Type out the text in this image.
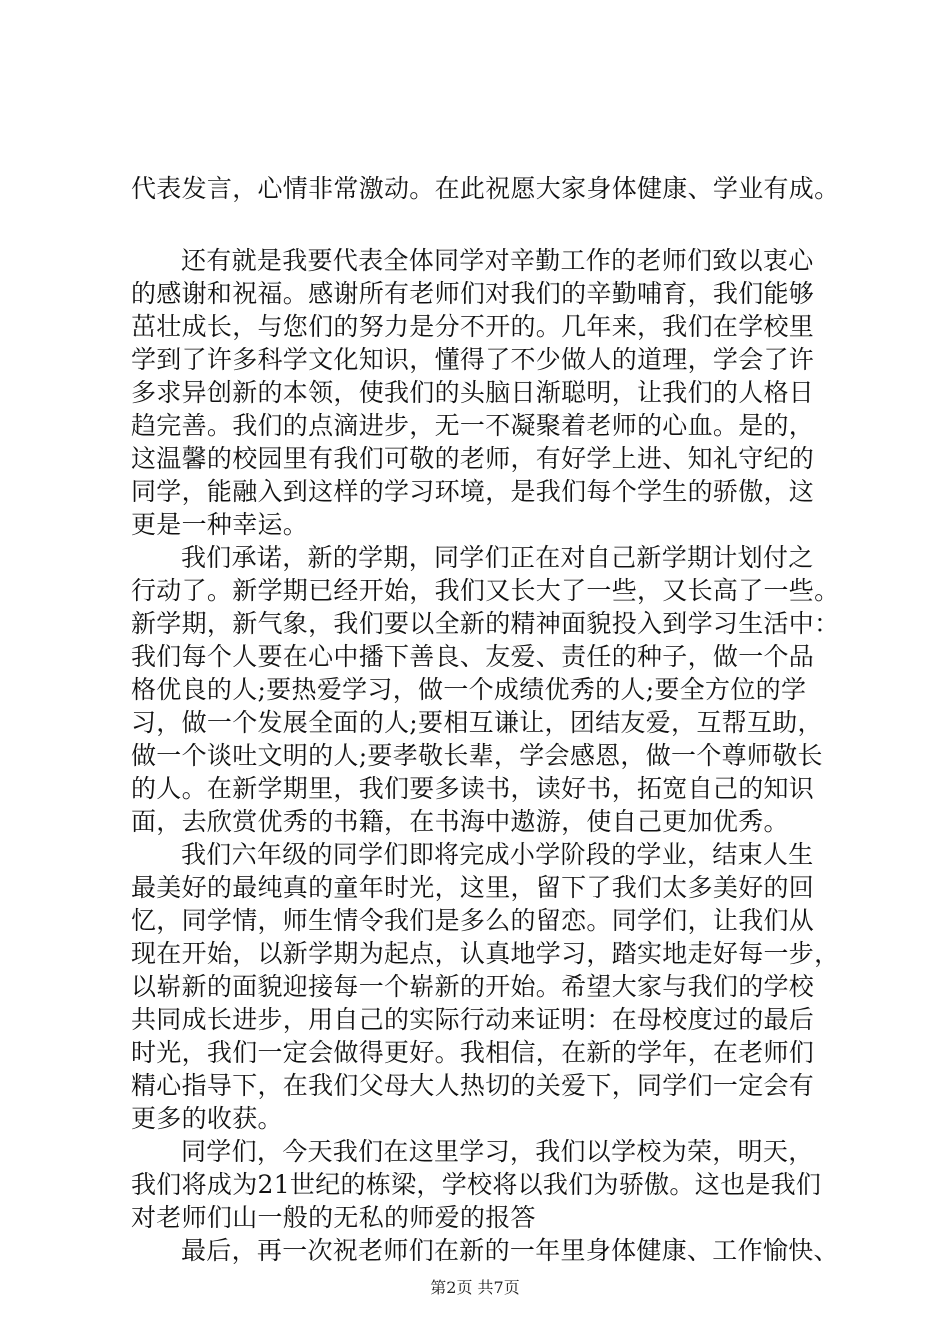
代表发言，心情非常激动。在此祝愿大家身体健康、学业有成。
还有就是我要代表全体同学对辛勤工作的老师们致以衷心
的感谢和祝福。感谢所有老师们对我们的辛勤哺育，我们能够
茁壮成长，与您们的努力是分不开的。几年来，我们在学校里
学到了许多科学文化知识，懂得了不少做人的道理，学会了许
多求异创新的本领，使我们的头脑日渐聪明，让我们的人格日
趋完善。我们的点滴进步，无一不凝聚着老师的心血。是的，
这温馨的校园里有我们可敬的老师，有好学上进、知礼守纪的
同学，能融入到这样的学习环境，是我们每个学生的骄傲，这
更是一种幸运。
我们承诺，新的学期，同学们正在对自己新学期计划付之
行动了。新学期已经开始，我们又长大了一些，又长高了一些。
新学期，新气象，我们要以全新的精神面貌投入到学习生活中：
我们每个人要在心中播下善良、友爱、责任的种子，做一个品
格优良的人;要热爱学习，做一个成绩优秀的人;要全方位的学
习，做一个发展全面的人;要相互谦让，团结友爱，互帮互助，
做一个谈吐文明的人;要孝敬长辈，学会感恩，做一个尊师敬长
的人。在新学期里，我们要多读书，读好书，拓宽自己的知识
面，去欣赏优秀的书籍，在书海中遨游，使自己更加优秀。
我们六年级的同学们即将完成小学阶段的学业，结束人生
最美好的最纯真的童年时光，这里，留下了我们太多美好的回
忆，同学情，师生情令我们是多么的留恋。同学们，让我们从
现在开始，以新学期为起点，认真地学习，踏实地走好每一步，
以崭新的面貌迎接每一个崭新的开始。希望大家与我们的学校
共同成长进步，用自己的实际行动来证明：在母校度过的最后
时光，我们一定会做得更好。我相信，在新的学年，在老师们
精心指导下，在我们父母大人热切的关爱下，同学们一定会有
更多的收获。
同学们，今天我们在这里学习，我们以学校为荣，明天，
我们将成为21世纪的栋梁，学校将以我们为骄傲。这也是我们
对老师们山一般的无私的师爱的报答
最后，再一次祝老师们在新的一年里身体健康、工作愉快、
第2页 共7页
